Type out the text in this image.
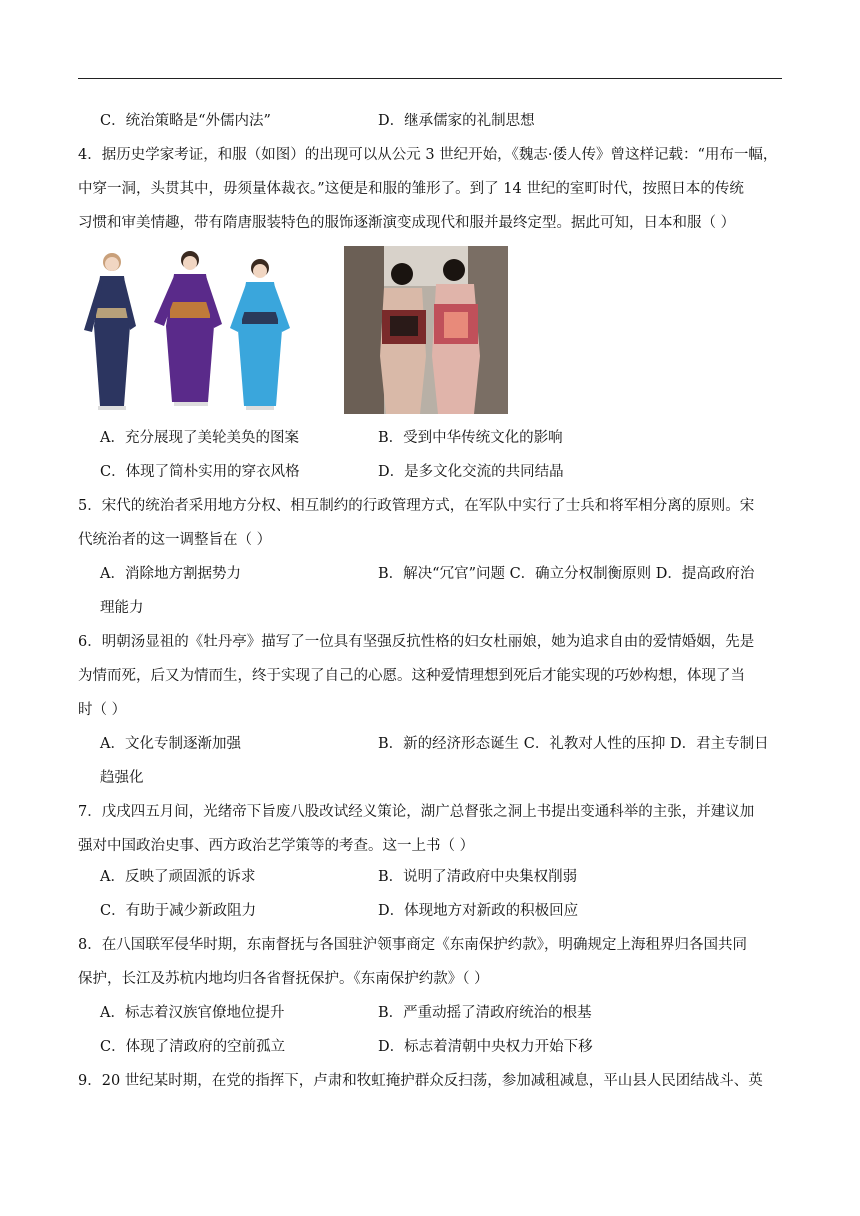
C．统治策略是“外儒内法”	D．继承儒家的礼制思想
4．据历史学家考证，和服（如图）的出现可以从公元 3 世纪开始，《魏志·倭人传》曾这样记载：“用布一幅，
中穿一洞，头贯其中，毋须量体裁衣。”这便是和服的雏形了。到了 14 世纪的室町时代，按照日本的传统
习惯和审美情趣，带有隋唐服装特色的服饰逐渐演变成现代和服并最终定型。据此可知，日本和服（ ）
A．充分展现了美轮美奂的图案	B．受到中华传统文化的影响
C．体现了简朴实用的穿衣风格	D．是多文化交流的共同结晶
5．宋代的统治者采用地方分权、相互制约的行政管理方式，在军队中实行了士兵和将军相分离的原则。宋
代统治者的这一调整旨在（ ）
A．消除地方割据势力	B．解决“冗官”问题 C．确立分权制衡原则 D．提高政府治
理能力
6．明朝汤显祖的《牡丹亭》描写了一位具有坚强反抗性格的妇女杜丽娘，她为追求自由的爱情婚姻，先是
为情而死，后又为情而生，终于实现了自己的心愿。这种爱情理想到死后才能实现的巧妙构想，体现了当
时（ ）
A．文化专制逐渐加强	B．新的经济形态诞生 C．礼教对人性的压抑 D．君主专制日
趋强化
7．戊戌四五月间，光绪帝下旨废八股改试经义策论，湖广总督张之洞上书提出变通科举的主张，并建议加
强对中国政治史事、西方政治艺学策等的考查。这一上书（ ）
A．反映了顽固派的诉求	B．说明了清政府中央集权削弱
C．有助于减少新政阻力	D．体现地方对新政的积极回应
8．在八国联军侵华时期，东南督抚与各国驻沪领事商定《东南保护约款》，明确规定上海租界归各国共同
保护，长江及苏杭内地均归各省督抚保护。《东南保护约款》（ ）
A．标志着汉族官僚地位提升	B．严重动摇了清政府统治的根基
C．体现了清政府的空前孤立	D．标志着清朝中央权力开始下移
9．20 世纪某时期，在党的指挥下，卢肃和牧虹掩护群众反扫荡，参加减租减息，平山县人民团结战斗、英
